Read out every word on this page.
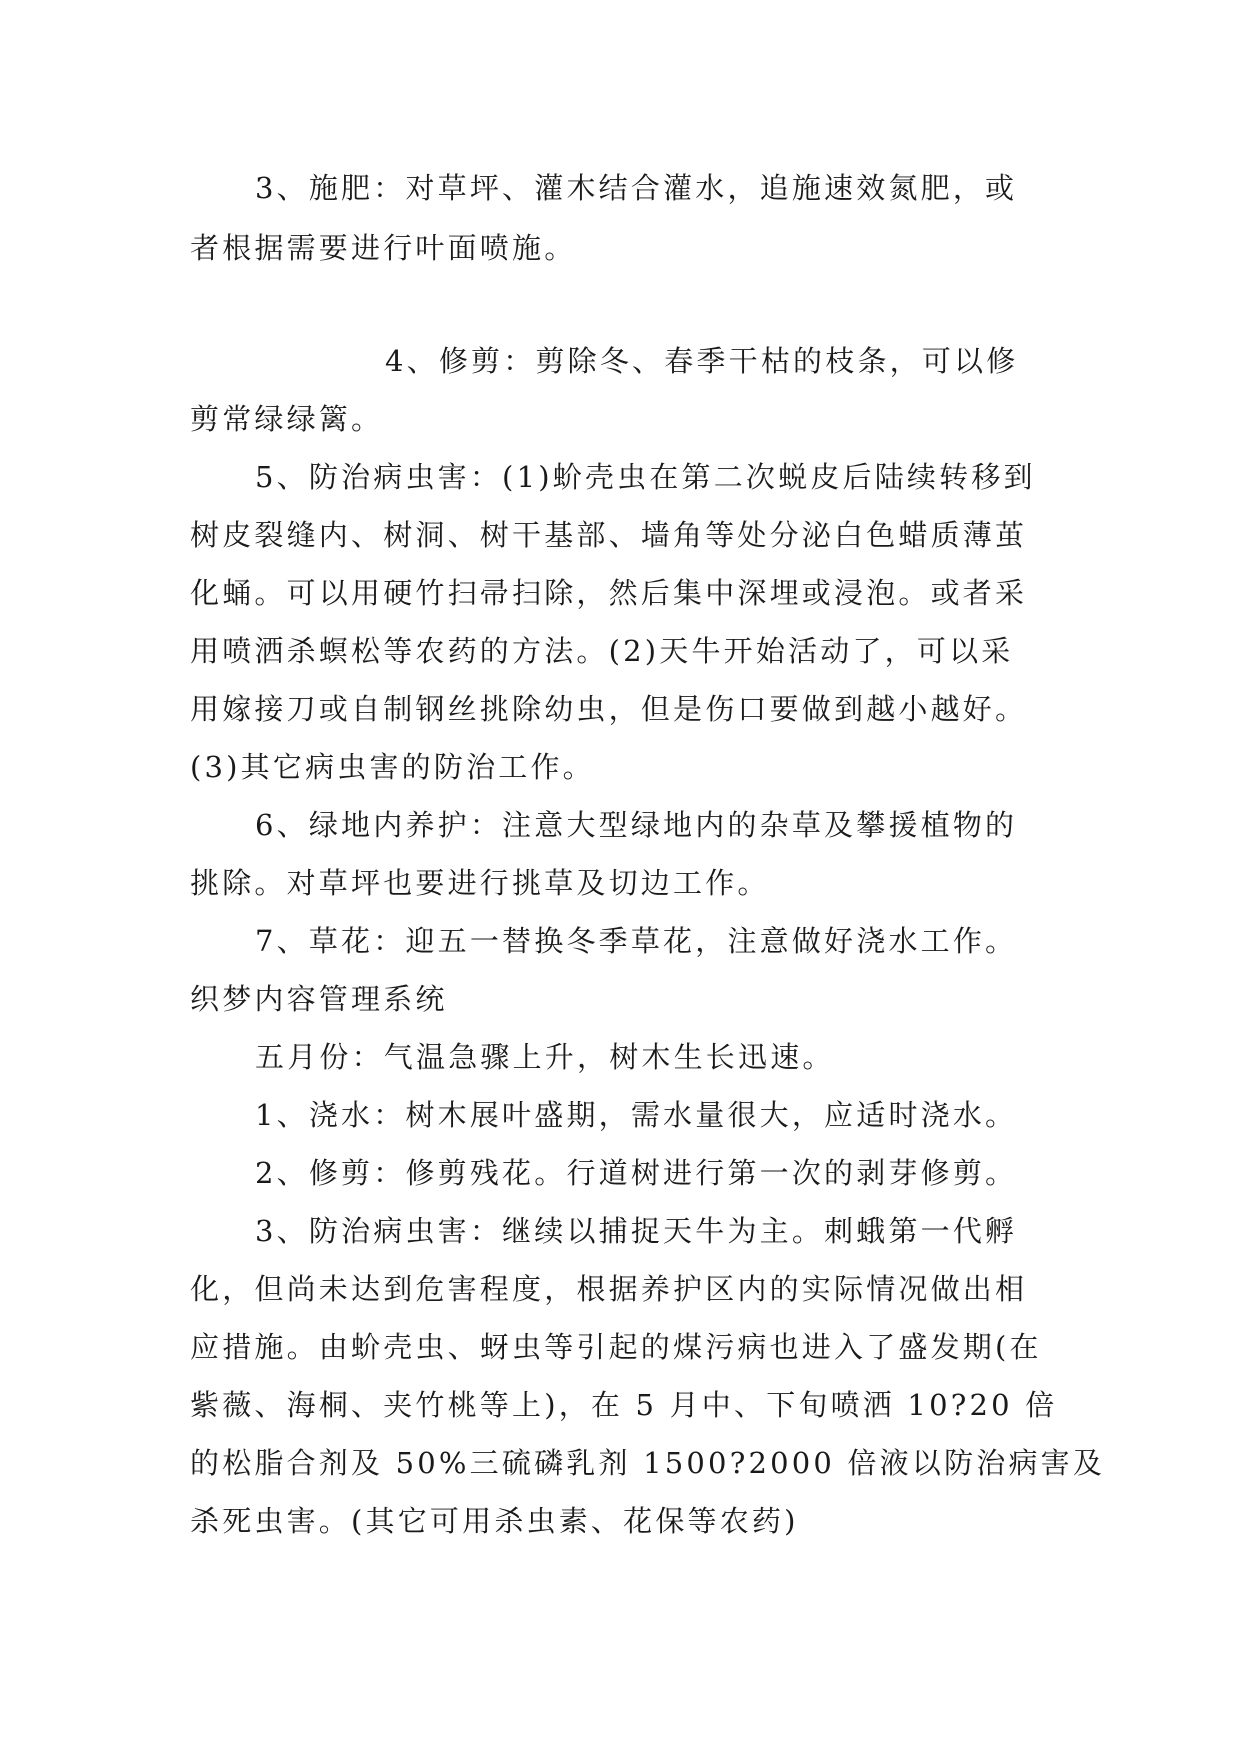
3、施肥：对草坪、灌木结合灌水，追施速效氮肥，或
者根据需要进行叶面喷施。
4、修剪：剪除冬、春季干枯的枝条，可以修
剪常绿绿篱。
5、防治病虫害：(1)蚧壳虫在第二次蜕皮后陆续转移到
树皮裂缝内、树洞、树干基部、墙角等处分泌白色蜡质薄茧
化蛹。可以用硬竹扫帚扫除，然后集中深埋或浸泡。或者采
用喷洒杀螟松等农药的方法。(2)天牛开始活动了，可以采
用嫁接刀或自制钢丝挑除幼虫，但是伤口要做到越小越好。
(3)其它病虫害的防治工作。
6、绿地内养护：注意大型绿地内的杂草及攀援植物的
挑除。对草坪也要进行挑草及切边工作。
7、草花：迎五一替换冬季草花，注意做好浇水工作。
织梦内容管理系统
五月份：气温急骤上升，树木生长迅速。
1、浇水：树木展叶盛期，需水量很大，应适时浇水。
2、修剪：修剪残花。行道树进行第一次的剥芽修剪。
3、防治病虫害：继续以捕捉天牛为主。刺蛾第一代孵
化，但尚未达到危害程度，根据养护区内的实际情况做出相
应措施。由蚧壳虫、蚜虫等引起的煤污病也进入了盛发期(在
紫薇、海桐、夹竹桃等上)，在 5 月中、下旬喷洒 10?20 倍
的松脂合剂及 50%三硫磷乳剂 1500?2000 倍液以防治病害及
杀死虫害。(其它可用杀虫素、花保等农药)
